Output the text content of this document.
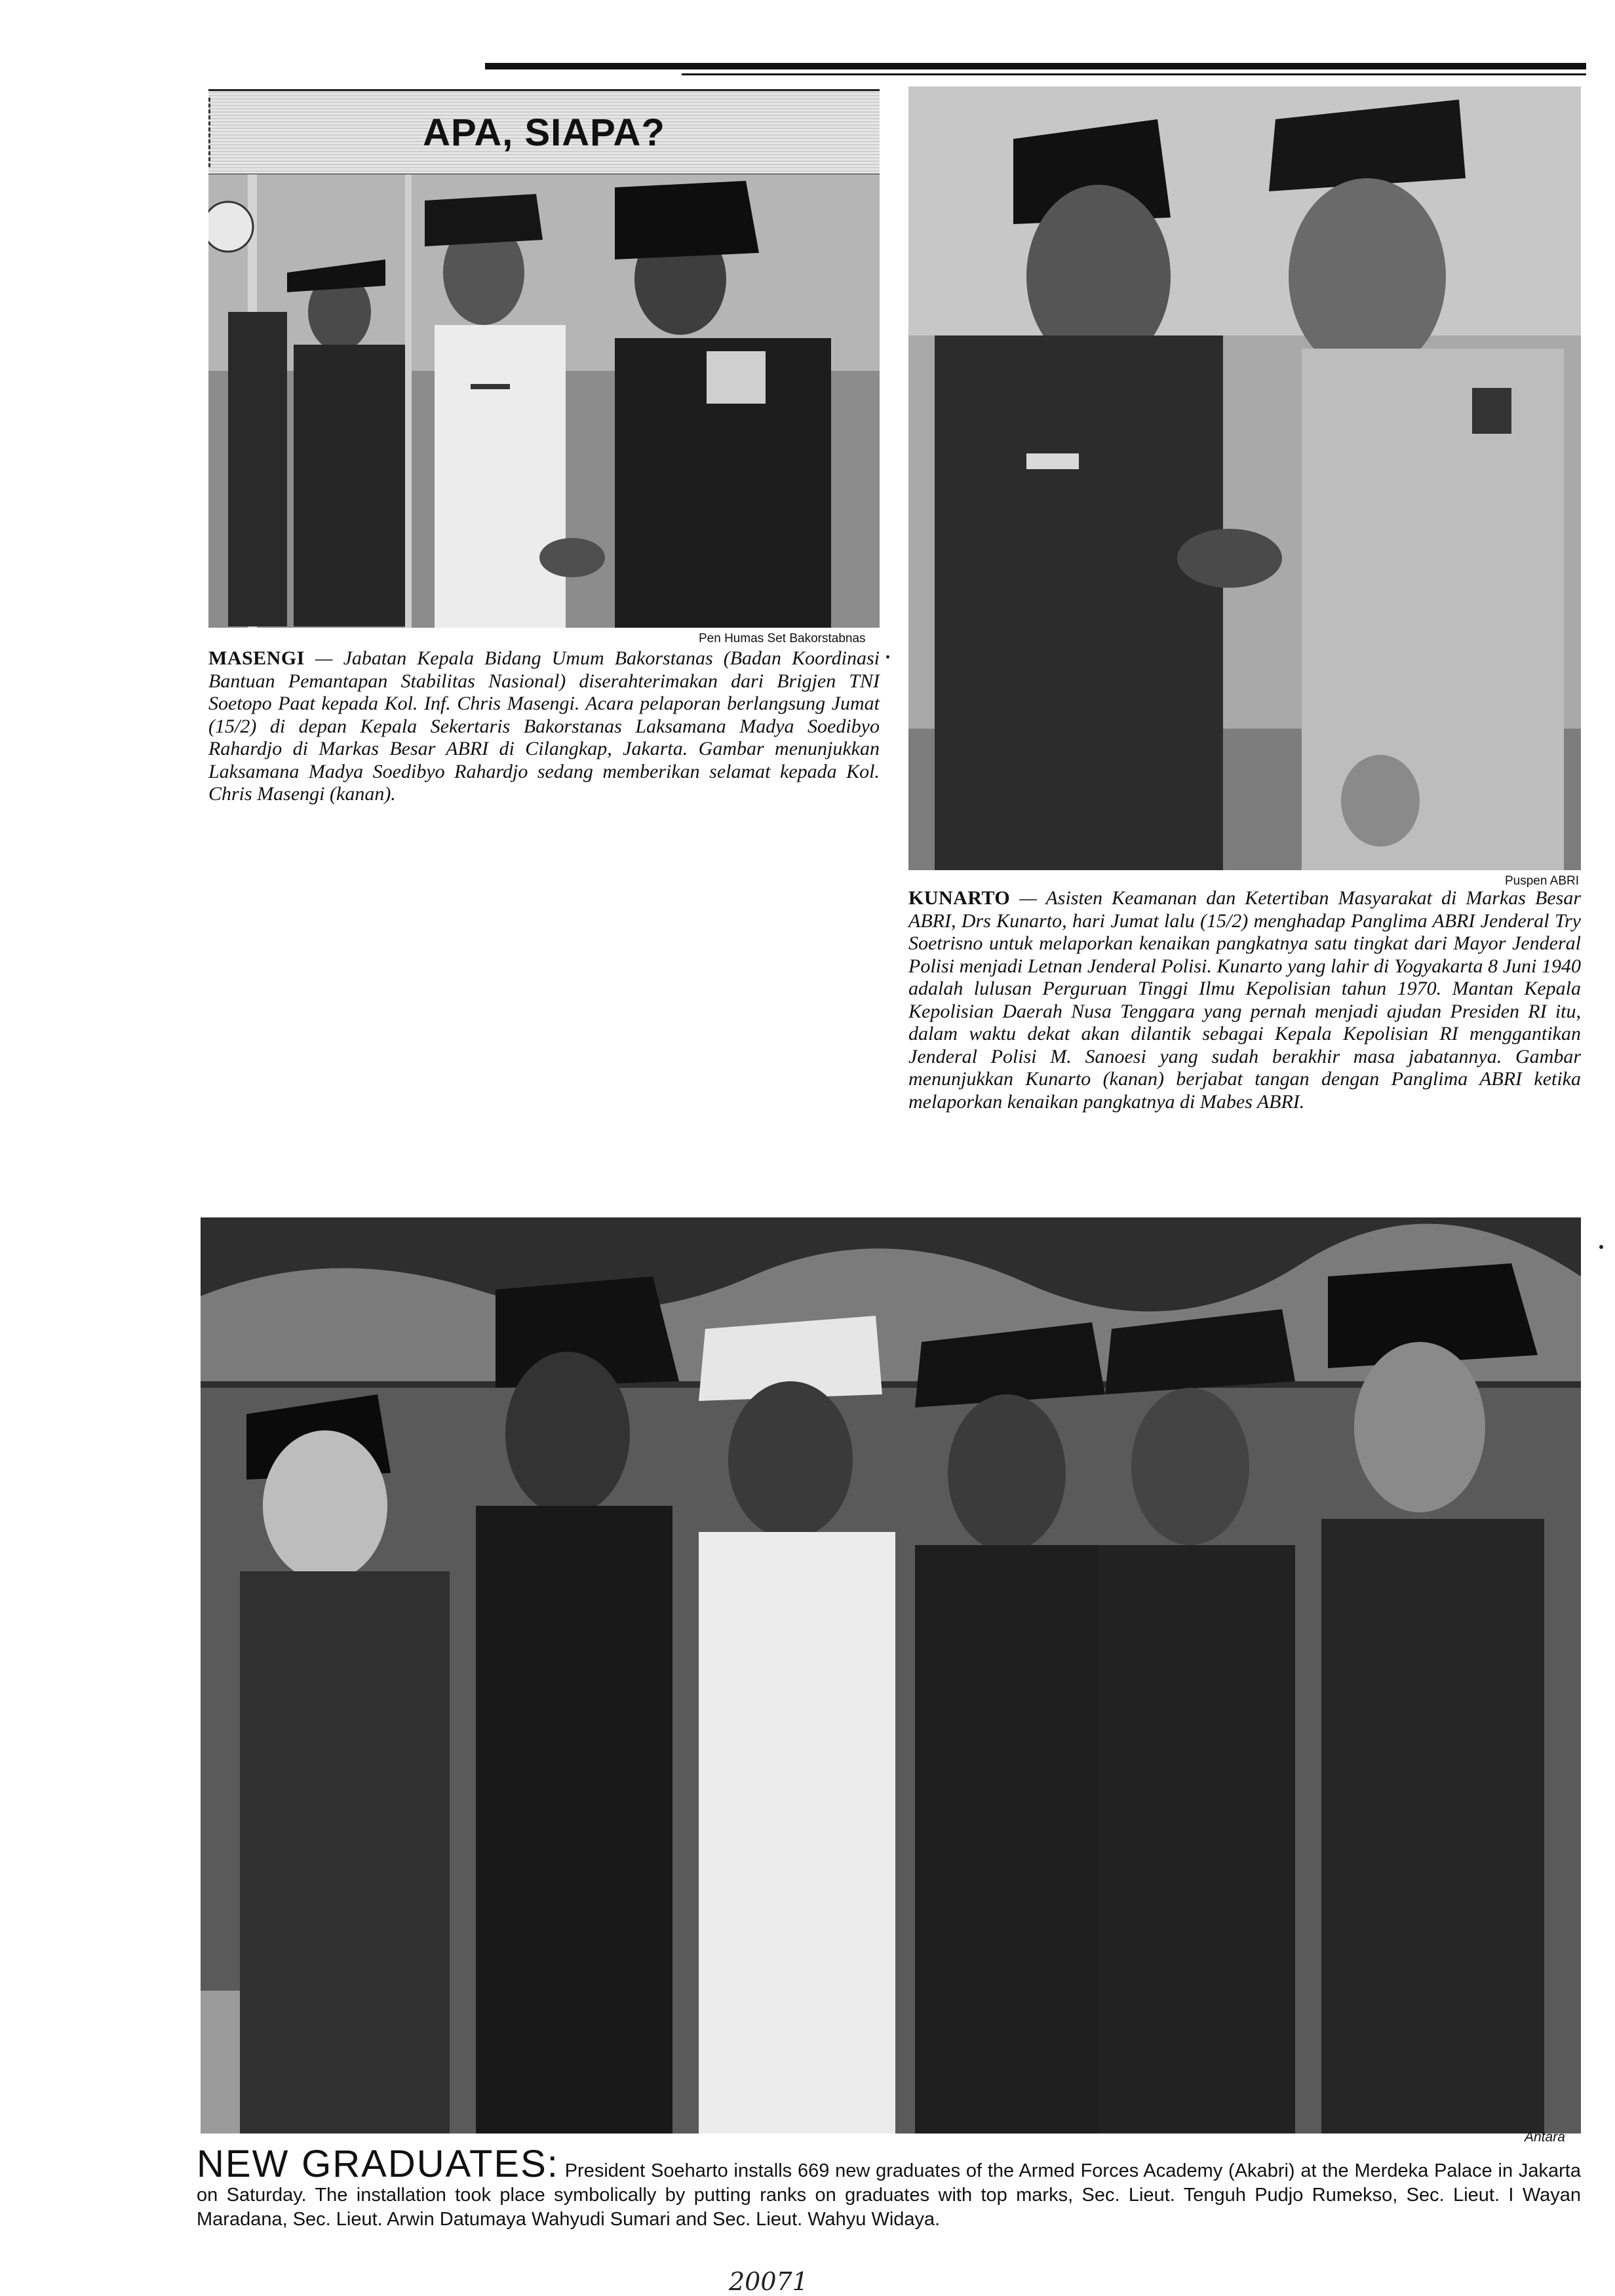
APA, SIAPA?
Pen Humas Set Bakorstabnas

MASENGI — Jabatan Kepala Bidang Umum Bakorstanas (Badan Koordinasi Bantuan Pemantapan Stabilitas Nasional) diserahterimakan dari Brigjen TNI Soetopo Paat kepada Kol. Inf. Chris Masengi. Acara pelaporan berlangsung Jumat (15/2) di depan Kepala Sekertaris Bakorstanas Laksamana Madya Soedibyo Rahardjo di Markas Besar ABRI di Cilangkap, Jakarta. Gambar menunjukkan Laksamana Madya Soedibyo Rahardjo sedang memberikan selamat kepada Kol. Chris Masengi (kanan).

Puspen ABRI

KUNARTO — Asisten Keamanan dan Ketertiban Masyarakat di Markas Besar ABRI, Drs Kunarto, hari Jumat lalu (15/2) menghadap Panglima ABRI Jenderal Try Soetrisno untuk melaporkan kenaikan pangkatnya satu tingkat dari Mayor Jenderal Polisi menjadi Letnan Jenderal Polisi. Kunarto yang lahir di Yogyakarta 8 Juni 1940 adalah lulusan Perguruan Tinggi Ilmu Kepolisian tahun 1970. Mantan Kepala Kepolisian Daerah Nusa Tenggara yang pernah menjadi ajudan Presiden RI itu, dalam waktu dekat akan dilantik sebagai Kepala Kepolisian RI menggantikan Jenderal Polisi M. Sanoesi yang sudah berakhir masa jabatannya. Gambar menunjukkan Kunarto (kanan) berjabat tangan dengan Panglima ABRI ketika melaporkan kenaikan pangkatnya di Mabes ABRI.

Antara

NEW GRADUATES: President Soeharto installs 669 new graduates of the Armed Forces Academy (Akabri) at the Merdeka Palace in Jakarta on Saturday. The installation took place symbolically by putting ranks on graduates with top marks, Sec. Lieut. Tenguh Pudjo Rumekso, Sec. Lieut. I Wayan Maradana, Sec. Lieut. Arwin Datumaya Wahyudi Sumari and Sec. Lieut. Wahyu Widaya.

20071
